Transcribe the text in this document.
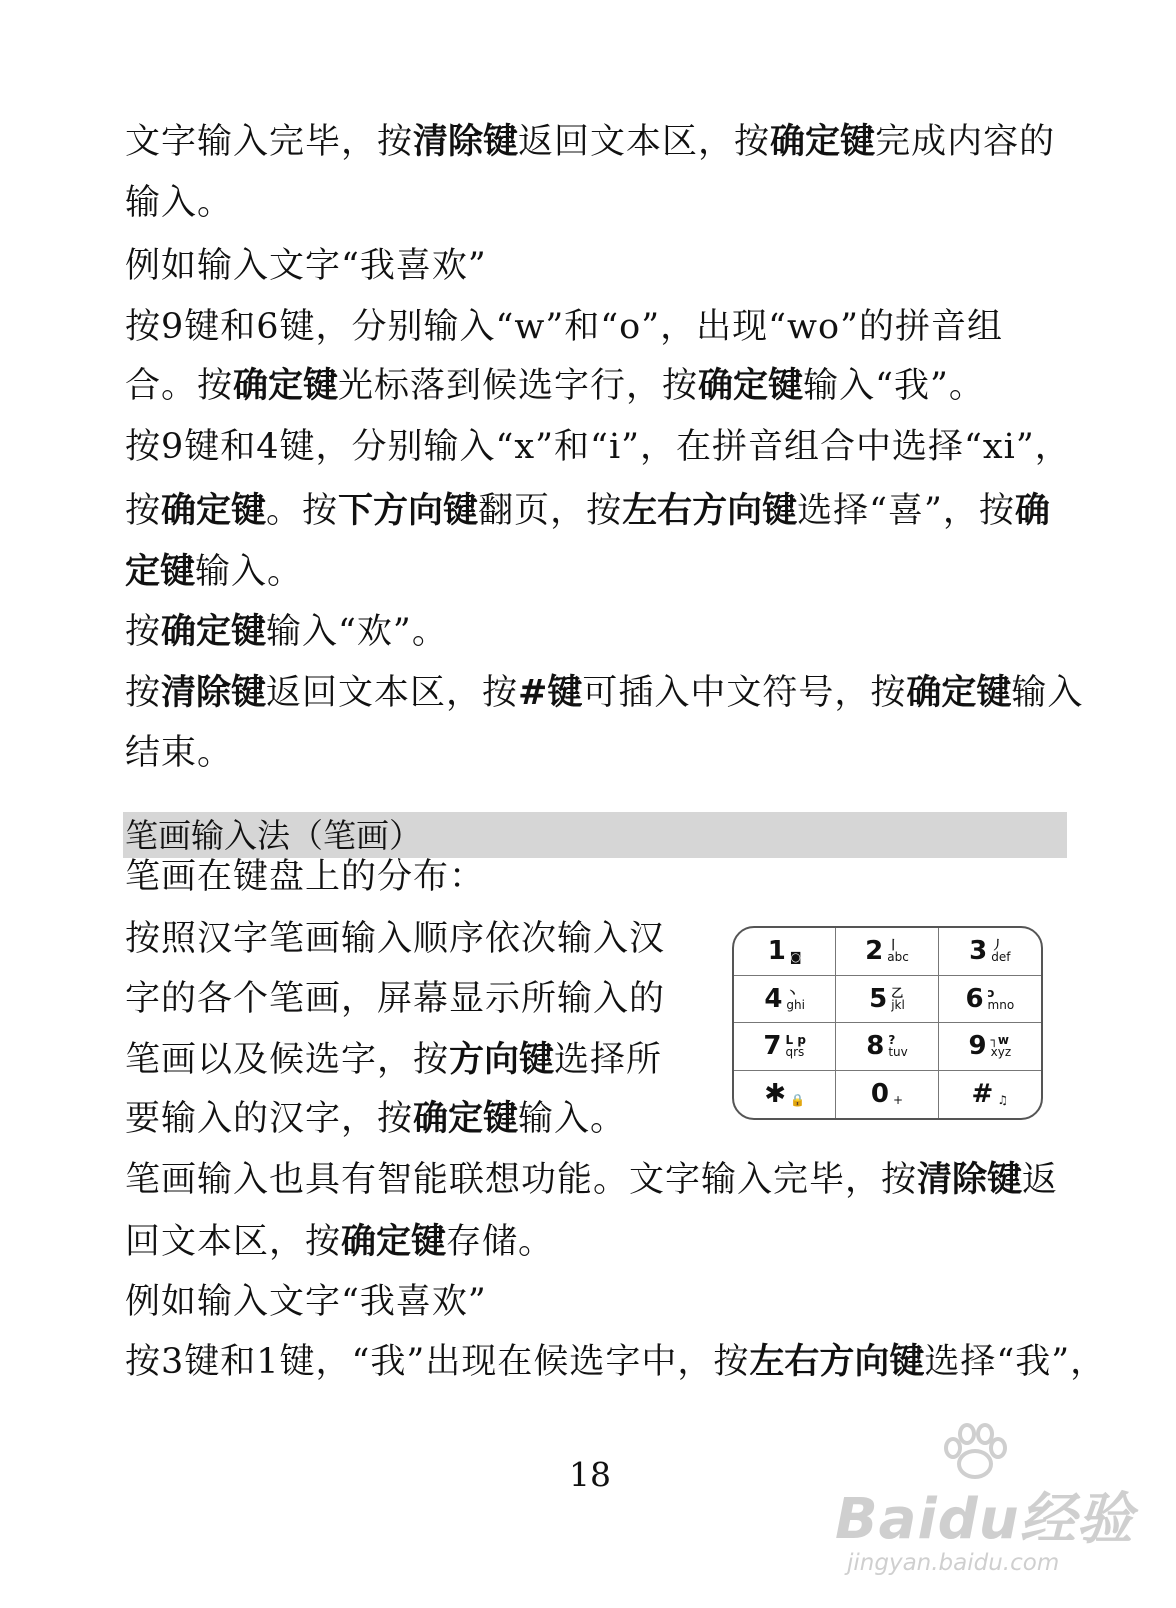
文字输入完毕，按清除键返回文本区，按确定键完成内容的
输入。
例如输入文字“我喜欢”
按9键和6键，分别输入“w”和“o”，出现“wo”的拼音组
合。按确定键光标落到候选字行，按确定键输入“我”。
按9键和4键，分别输入“x”和“i”，在拼音组合中选择“xi”，
按确定键。按下方向键翻页，按左右方向键选择“喜”，按确
定键输入。
按确定键输入“欢”。
按清除键返回文本区，按#键可插入中文符号，按确定键输入
结束。
笔画输入法（笔画）
笔画在键盘上的分布：
按照汉字笔画输入顺序依次输入汉
字的各个笔画，屏幕显示所输入的
笔画以及候选字，按方向键选择所
要输入的汉字，按确定键输入。
笔画输入也具有智能联想功能。文字输入完毕，按清除键返
回文本区，按确定键存储。
例如输入文字“我喜欢”
按3键和1键，“我”出现在候选字中，按左右方向键选择“我”，
1 ◙ 2 丨
abc 3 丿
def
4 丶
ghi 5 乙
jkl 6 ↄ
mno
7 L p
qrs 8 ?
tuv 9 ┐w
xyz
✱ 🔒	0 +	# ♫
18
Baidu经验
jingyan.baidu.com
